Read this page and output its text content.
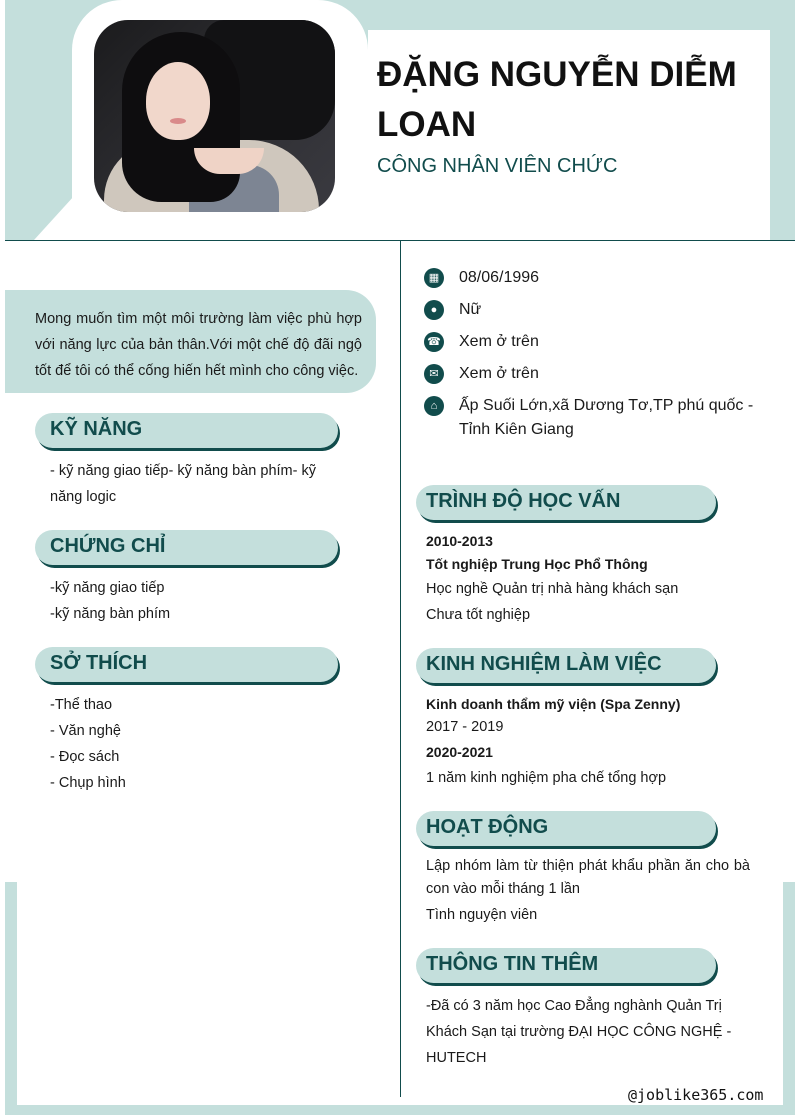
ĐẶNG NGUYỄN DIỄM LOAN
CÔNG NHÂN VIÊN CHỨC
Mong muốn tìm một môi trường làm việc phù hợp với năng lực của bản thân.Với một chế độ đãi ngộ tốt để tôi có thể cống hiến hết mình cho công việc.
KỸ NĂNG
- kỹ năng giao tiếp- kỹ năng bàn phím- kỹ năng logic
CHỨNG CHỈ
-kỹ năng giao tiếp
-kỹ năng bàn phím
SỞ THÍCH
-Thể thao
- Văn nghệ
- Đọc sách
- Chụp hình
▦ 08/06/1996
●	Nữ
☎ Xem ở trên
✉	Xem ở trên
⌂	Ấp Suối Lớn,xã Dương Tơ,TP phú quốc - Tỉnh Kiên Giang
TRÌNH ĐỘ HỌC VẤN
2010-2013
Tốt nghiệp Trung Học Phổ Thông
Học nghề Quản trị nhà hàng khách sạn
Chưa tốt nghiệp
KINH NGHIỆM LÀM VIỆC
Kinh doanh thẩm mỹ viện (Spa Zenny)
2017 - 2019
2020-2021
1 năm kinh nghiệm pha chế tổng hợp
HOẠT ĐỘNG
Lập nhóm làm từ thiện phát khẩu phần ăn cho bà con vào mỗi tháng 1 lần
Tình nguyện viên
THÔNG TIN THÊM
-Đã có 3 năm học Cao Đẳng nghành Quản Trị Khách Sạn tại trường ĐẠI HỌC CÔNG NGHỆ - HUTECH
@joblike365.com
